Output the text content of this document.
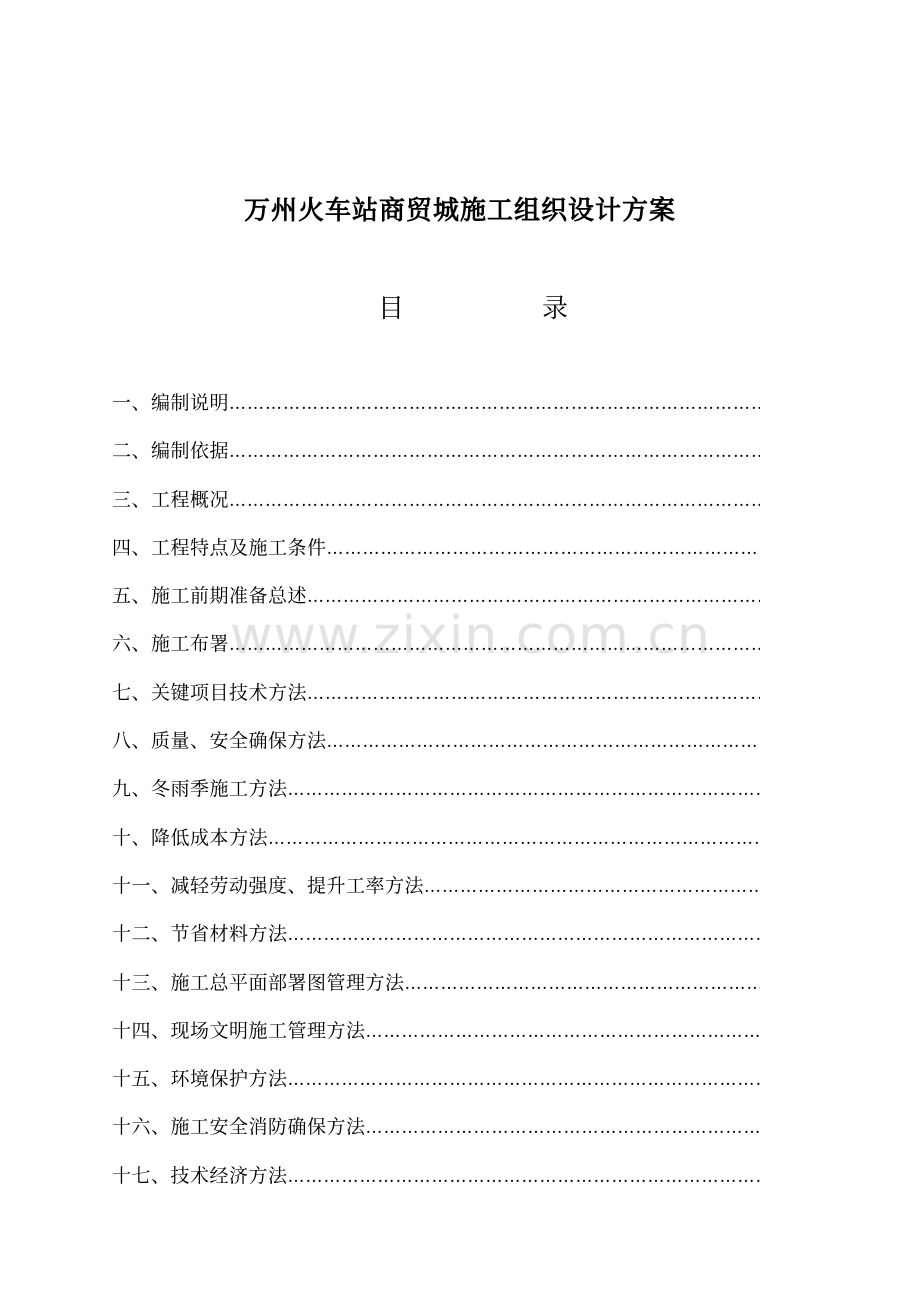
万州火车站商贸城施工组织设计方案
目	录
www.zixin.com.cn
一、编制说明
……………………………………………………………………………………………………………………………………
二、编制依据
……………………………………………………………………………………………………………………………………
三、工程概况
……………………………………………………………………………………………………………………………………
四、工程特点及施工条件
……………………………………………………………………………………………………………………………………
五、施工前期准备总述
……………………………………………………………………………………………………………………………………
六、施工布署
……………………………………………………………………………………………………………………………………
七、关键项目技术方法
……………………………………………………………………………………………………………………………………
八、质量、安全确保方法
……………………………………………………………………………………………………………………………………
九、冬雨季施工方法
……………………………………………………………………………………………………………………………………
十、降低成本方法
……………………………………………………………………………………………………………………………………
十一、减轻劳动强度、提升工率方法
……………………………………………………………………………………………………………………………………
十二、节省材料方法
……………………………………………………………………………………………………………………………………
十三、施工总平面部署图管理方法
……………………………………………………………………………………………………………………………………
十四、现场文明施工管理方法
……………………………………………………………………………………………………………………………………
十五、环境保护方法
……………………………………………………………………………………………………………………………………
十六、施工安全消防确保方法
……………………………………………………………………………………………………………………………………
十七、技术经济方法
……………………………………………………………………………………………………………………………………
